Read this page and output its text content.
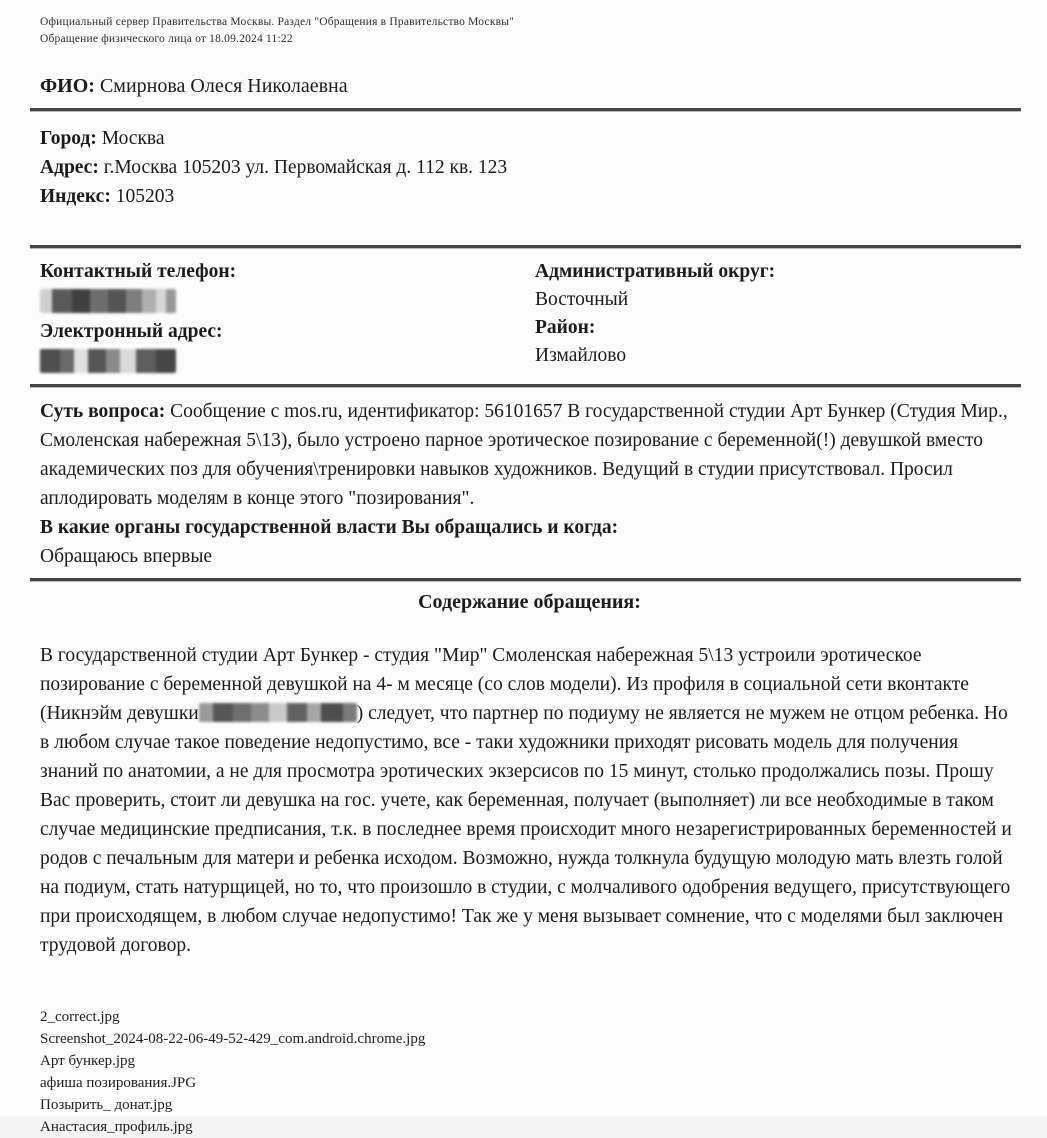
Официальный сервер Правительства Москвы. Раздел "Обращения в Правительство Москвы"
Обращение физического лица от 18.09.2024 11:22

ФИО: Смирнова Олеся Николаевна

Город: Москва
Адрес: г.Москва 105203 ул. Первомайская д. 112 кв. 123
Индекс: 105203
Контактный телефон:
Электронный адрес:
Административный округ:
Восточный
Район:
Измайлово
Суть вопроса: Сообщение с mos.ru, идентификатор: 56101657 В государственной студии Арт Бункер (Студия Мир., Смоленская набережная 5\13), было устроено парное эротическое позирование с беременной(!) девушкой вместо академических поз для обучения\тренировки навыков художников. Ведущий в студии присутствовал. Просил аплодировать моделям в конце этого "позирования".
В какие органы государственной власти Вы обращались и когда:
Обращаюсь впервые
Содержание обращения:

В государственной студии Арт Бункер - студия "Мир" Смоленская набережная 5\13 устроили эротическое позирование с беременной девушкой на 4- м месяце (со слов модели). Из профиля в социальной сети вконтакте (Никнэйм девушки	) следует, что партнер по подиуму не является не мужем не отцом ребенка. Но в любом случае такое поведение недопустимо, все - таки художники приходят рисовать модель для получения знаний по анатомии, а не для просмотра эротических экзерсисов по 15 минут, столько продолжались позы. Прошу Вас проверить, стоит ли девушка на гос. учете, как беременная, получает (выполняет) ли все необходимые в таком случае медицинские предписания, т.к. в последнее время происходит много незарегистрированных беременностей и родов с печальным для матери и ребенка исходом. Возможно, нужда толкнула будущую молодую мать влезть голой на подиум, стать натурщицей, но то, что произошло в студии, с молчаливого одобрения ведущего, присутствующего при происходящем, в любом случае недопустимо! Так же у меня вызывает сомнение, что с моделями был заключен трудовой договор.

2_correct.jpg
Screenshot_2024-08-22-06-49-52-429_com.android.chrome.jpg
Арт бункер.jpg
афиша позирования.JPG
Позырить_ донат.jpg
Анастасия_профиль.jpg
